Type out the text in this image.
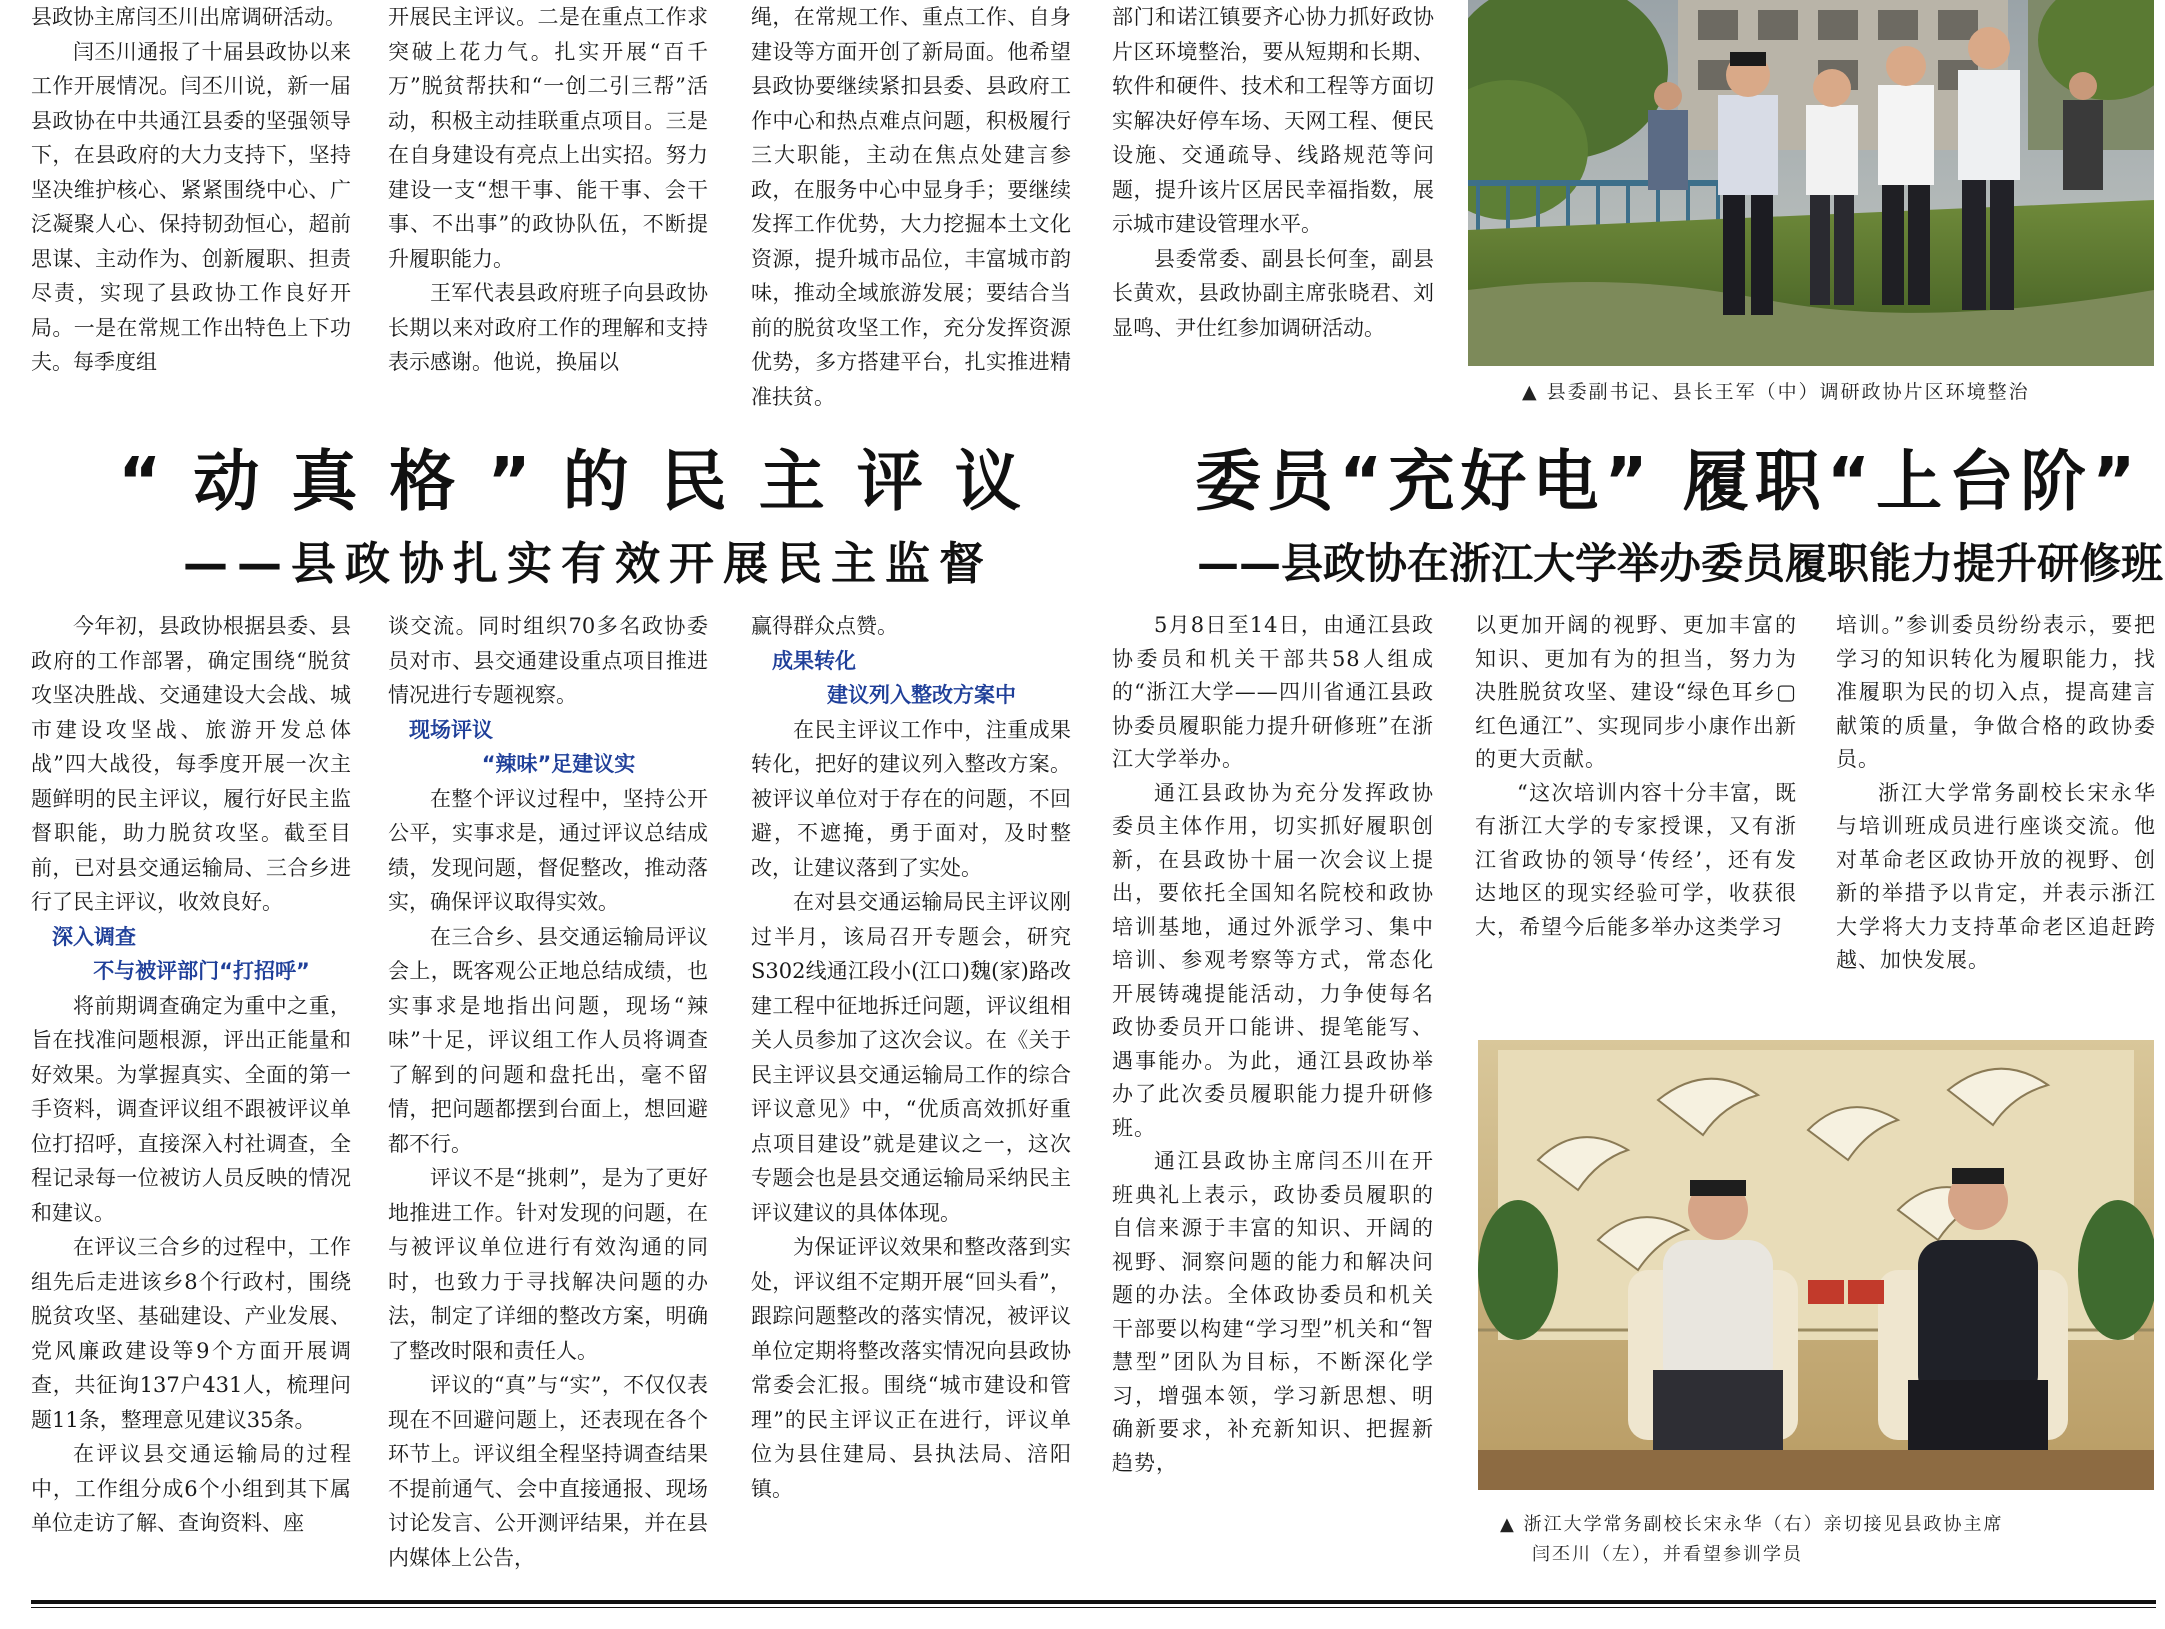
县政协主席闫丕川出席调研活动。

闫丕川通报了十届县政协以来工作开展情况。闫丕川说，新一届县政协在中共通江县委的坚强领导下，在县政府的大力支持下，坚持坚决维护核心、紧紧围绕中心、广泛凝聚人心、保持韧劲恒心，超前思谋、主动作为、创新履职、担责尽责，实现了县政协工作良好开局。一是在常规工作出特色上下功夫。每季度组

开展民主评议。二是在重点工作求突破上花力气。扎实开展“百千万”脱贫帮扶和“一创二引三帮”活动，积极主动挂联重点项目。三是在自身建设有亮点上出实招。努力建设一支“想干事、能干事、会干事、不出事”的政协队伍，不断提升履职能力。

王军代表县政府班子向县政协长期以来对政府工作的理解和支持表示感谢。他说，换届以

绳，在常规工作、重点工作、自身建设等方面开创了新局面。他希望县政协要继续紧扣县委、县政府工作中心和热点难点问题，积极履行三大职能，主动在焦点处建言参政，在服务中心中显身手；要继续发挥工作优势，大力挖掘本土文化资源，提升城市品位，丰富城市韵味，推动全域旅游发展；要结合当前的脱贫攻坚工作，充分发挥资源优势，多方搭建平台，扎实推进精准扶贫。

部门和诺江镇要齐心协力抓好政协片区环境整治，要从短期和长期、软件和硬件、技术和工程等方面切实解决好停车场、天网工程、便民设施、交通疏导、线路规范等问题，提升该片区居民幸福指数，展示城市建设管理水平。

县委常委、副县长何奎，副县长黄欢，县政协副主席张晓君、刘显鸣、尹仕红参加调研活动。

▲ 县委副书记、县长王军（中）调研政协片区环境整治
“动真格”的民主评议
——县政协扎实有效开展民主监督
委员“充好电” 履职“上台阶”
——县政协在浙江大学举办委员履职能力提升研修班

今年初，县政协根据县委、县政府的工作部署，确定围绕“脱贫攻坚决胜战、交通建设大会战、城市建设攻坚战、旅游开发总体战”四大战役，每季度开展一次主题鲜明的民主评议，履行好民主监督职能，助力脱贫攻坚。截至目前，已对县交通运输局、三合乡进行了民主评议，收效良好。

深入调查

不与被评部门“打招呼”

将前期调查确定为重中之重，旨在找准问题根源，评出正能量和好效果。为掌握真实、全面的第一手资料，调查评议组不跟被评议单位打招呼，直接深入村社调查，全程记录每一位被访人员反映的情况和建议。

在评议三合乡的过程中，工作组先后走进该乡8个行政村，围绕脱贫攻坚、基础建设、产业发展、党风廉政建设等9个方面开展调查，共征询137户431人，梳理问题11条，整理意见建议35条。

在评议县交通运输局的过程中，工作组分成6个小组到其下属单位走访了解、查询资料、座

谈交流。同时组织70多名政协委员对市、县交通建设重点项目推进情况进行专题视察。

现场评议

“辣味”足建议实

在整个评议过程中，坚持公开公平，实事求是，通过评议总结成绩，发现问题，督促整改，推动落实，确保评议取得实效。

在三合乡、县交通运输局评议会上，既客观公正地总结成绩，也实事求是地指出问题，现场“辣味”十足，评议组工作人员将调查了解到的问题和盘托出，毫不留情，把问题都摆到台面上，想回避都不行。

评议不是“挑刺”，是为了更好地推进工作。针对发现的问题，在与被评议单位进行有效沟通的同时，也致力于寻找解决问题的办法，制定了详细的整改方案，明确了整改时限和责任人。

评议的“真”与“实”，不仅仅表现在不回避问题上，还表现在各个环节上。评议组全程坚持调查结果不提前通气、会中直接通报、现场讨论发言、公开测评结果，并在县内媒体上公告，

赢得群众点赞。

成果转化

建议列入整改方案中

在民主评议工作中，注重成果转化，把好的建议列入整改方案。被评议单位对于存在的问题，不回避，不遮掩，勇于面对，及时整改，让建议落到了实处。

在对县交通运输局民主评议刚过半月，该局召开专题会，研究S302线通江段小(江口)魏(家)路改建工程中征地拆迁问题，评议组相关人员参加了这次会议。在《关于民主评议县交通运输局工作的综合评议意见》中，“优质高效抓好重点项目建设”就是建议之一，这次专题会也是县交通运输局采纳民主评议建议的具体体现。

为保证评议效果和整改落到实处，评议组不定期开展“回头看”，跟踪问题整改的落实情况，被评议单位定期将整改落实情况向县政协常委会汇报。围绕“城市建设和管理”的民主评议正在进行，评议单位为县住建局、县执法局、涪阳镇。

5月8日至14日，由通江县政协委员和机关干部共58人组成的“浙江大学——四川省通江县政协委员履职能力提升研修班”在浙江大学举办。

通江县政协为充分发挥政协委员主体作用，切实抓好履职创新，在县政协十届一次会议上提出，要依托全国知名院校和政协培训基地，通过外派学习、集中培训、参观考察等方式，常态化开展铸魂提能活动，力争使每名政协委员开口能讲、提笔能写、遇事能办。为此，通江县政协举办了此次委员履职能力提升研修班。

通江县政协主席闫丕川在开班典礼上表示，政协委员履职的自信来源于丰富的知识、开阔的视野、洞察问题的能力和解决问题的办法。全体政协委员和机关干部要以构建“学习型”机关和“智慧型”团队为目标，不断深化学习，增强本领，学习新思想、明确新要求，补充新知识、把握新趋势，

以更加开阔的视野、更加丰富的知识、更加有为的担当，努力为决胜脱贫攻坚、建设“绿色耳乡▢红色通江”、实现同步小康作出新的更大贡献。

“这次培训内容十分丰富，既有浙江大学的专家授课，又有浙江省政协的领导‘传经’，还有发达地区的现实经验可学，收获很大，希望今后能多举办这类学习

培训。”参训委员纷纷表示，要把学习的知识转化为履职能力，找准履职为民的切入点，提高建言献策的质量，争做合格的政协委员。

浙江大学常务副校长宋永华与培训班成员进行座谈交流。他对革命老区政协开放的视野、创新的举措予以肯定，并表示浙江大学将大力支持革命老区追赶跨越、加快发展。

▲ 浙江大学常务副校长宋永华（右）亲切接见县政协主席
闫丕川（左），并看望参训学员
